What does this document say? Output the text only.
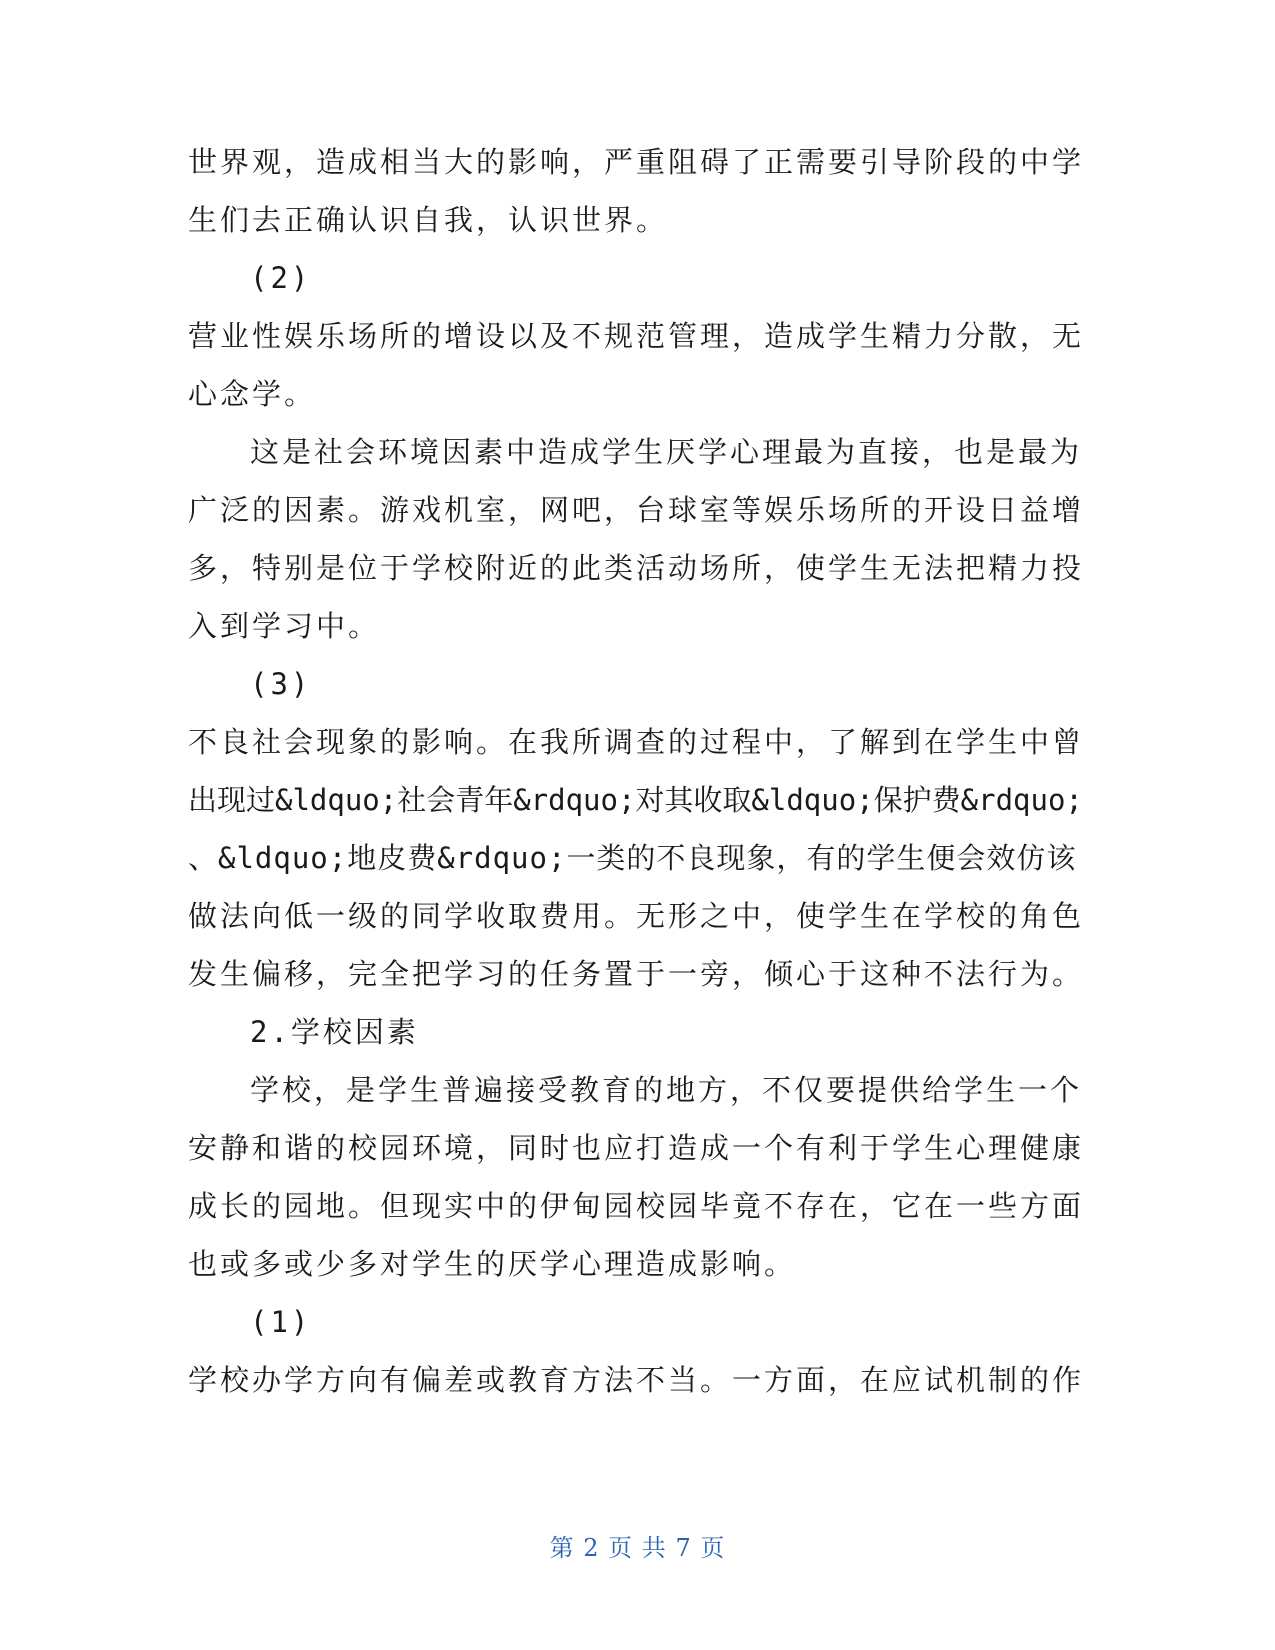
世界观，造成相当大的影响，严重阻碍了正需要引导阶段的中学
生们去正确认识自我，认识世界。
(2)
营业性娱乐场所的增设以及不规范管理，造成学生精力分散，无
心念学。
这是社会环境因素中造成学生厌学心理最为直接，也是最为
广泛的因素。游戏机室，网吧，台球室等娱乐场所的开设日益增
多，特别是位于学校附近的此类活动场所，使学生无法把精力投
入到学习中。
(3)
不良社会现象的影响。在我所调查的过程中，了解到在学生中曾
出现过&ldquo;社会青年&rdquo;对其收取&ldquo;保护费&rdquo;
、&ldquo;地皮费&rdquo;一类的不良现象，有的学生便会效仿该
做法向低一级的同学收取费用。无形之中，使学生在学校的角色
发生偏移，完全把学习的任务置于一旁，倾心于这种不法行为。
2.学校因素
学校，是学生普遍接受教育的地方，不仅要提供给学生一个
安静和谐的校园环境，同时也应打造成一个有利于学生心理健康
成长的园地。但现实中的伊甸园校园毕竟不存在，它在一些方面
也或多或少多对学生的厌学心理造成影响。
(1)
学校办学方向有偏差或教育方法不当。一方面，在应试机制的作
第 2 页 共 7 页
